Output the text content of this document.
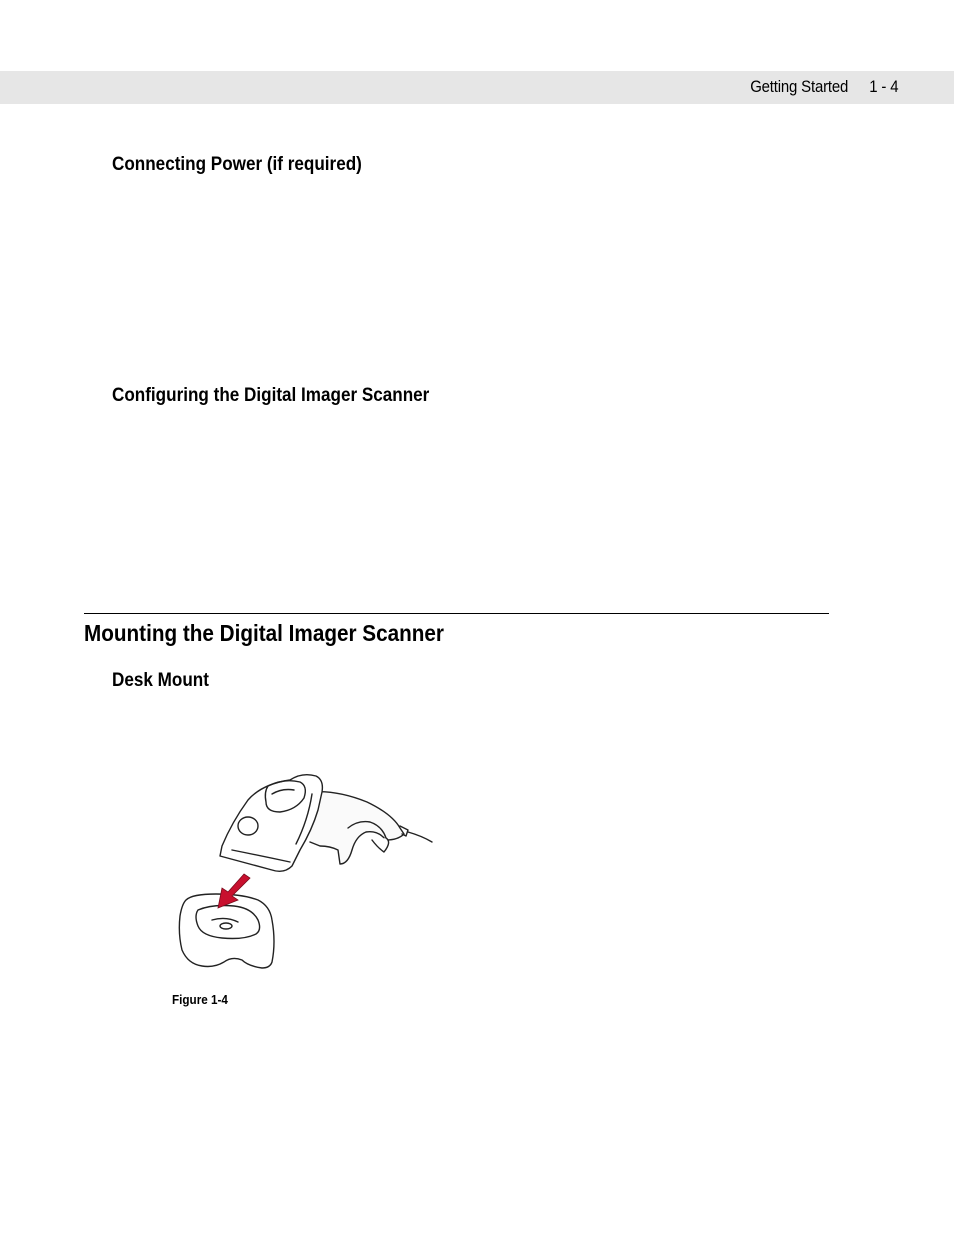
Getting Started 1 - 4
Connecting Power (if required)
Configuring the Digital Imager Scanner
Mounting the Digital Imager Scanner
Desk Mount
Figure 1-4
